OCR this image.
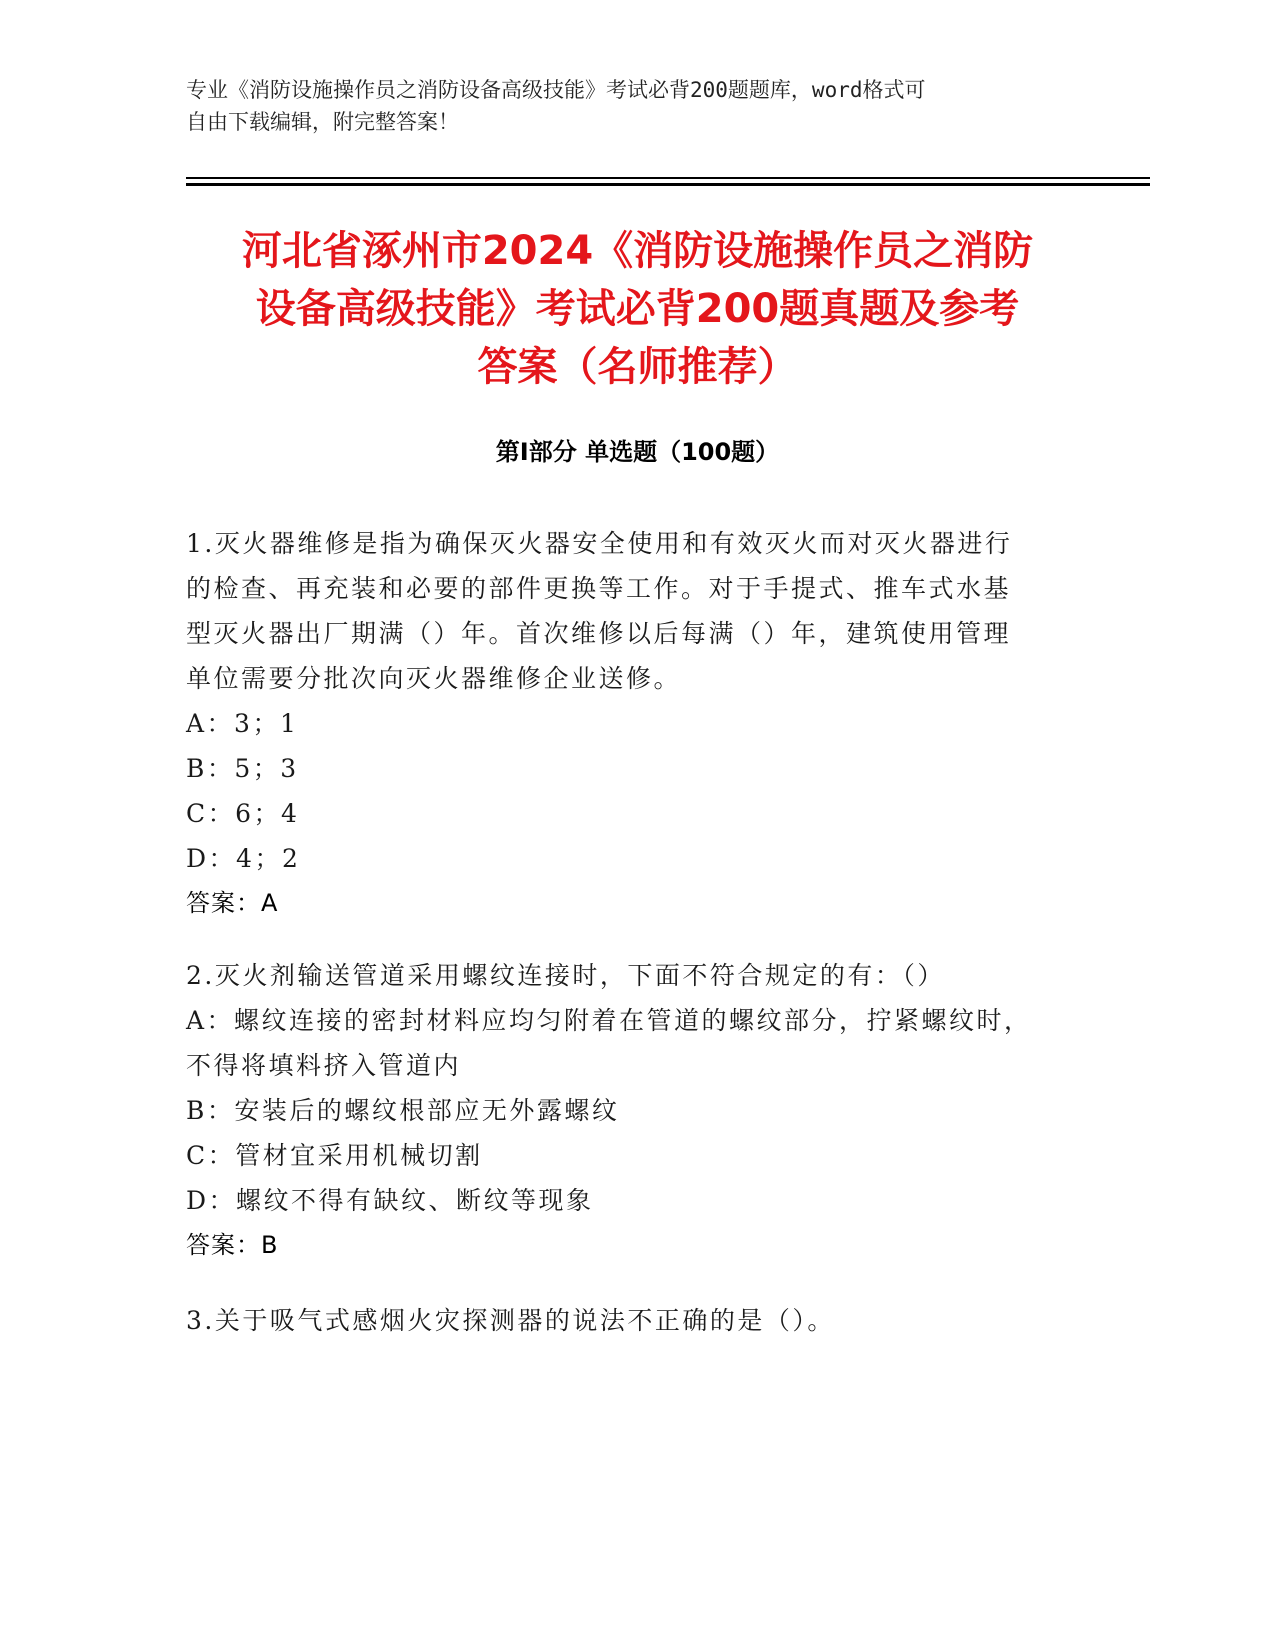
专业《消防设施操作员之消防设备高级技能》考试必背200题题库，word格式可
自由下载编辑，附完整答案！
河北省涿州市2024《消防设施操作员之消防
设备高级技能》考试必背200题真题及参考
答案（名师推荐）
第Ⅰ部分 单选题（100题）
1.灭火器维修是指为确保灭火器安全使用和有效灭火而对灭火器进行
的检查、再充装和必要的部件更换等工作。对于手提式、推车式水基
型灭火器出厂期满（）年。首次维修以后每满（）年，建筑使用管理
单位需要分批次向灭火器维修企业送修。
A：3；1
B：5；3
C：6；4
D：4；2
答案：A
2.灭火剂输送管道采用螺纹连接时，下面不符合规定的有：（）
A：螺纹连接的密封材料应均匀附着在管道的螺纹部分，拧紧螺纹时，
不得将填料挤入管道内
B：安装后的螺纹根部应无外露螺纹
C：管材宜采用机械切割
D：螺纹不得有缺纹、断纹等现象
答案：B
3.关于吸气式感烟火灾探测器的说法不正确的是（）。
